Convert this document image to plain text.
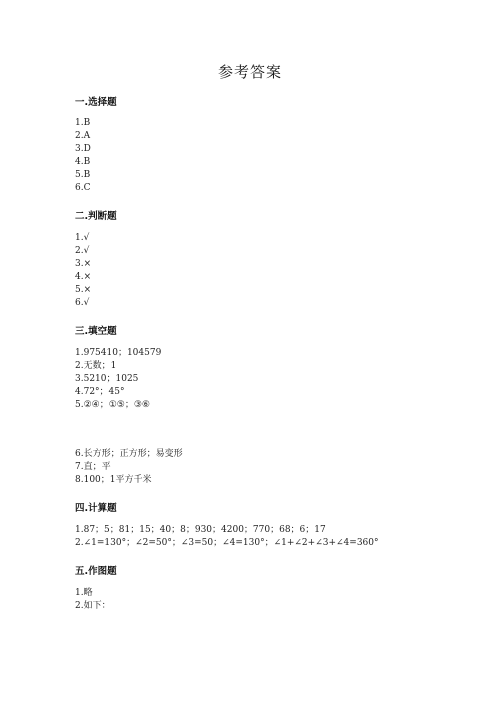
参考答案
一.选择题
1.B
2.A
3.D
4.B
5.B
6.C
二.判断题
1.√
2.√
3.×
4.×
5.×
6.√
三.填空题
1.975410；104579
2.无数；1
3.5210；1025
4.72°；45°
5.②④；①⑤；③⑥
6.长方形；正方形；易变形
7.直；平
8.100；1平方千米
四.计算题
1.87；5；81；15；40；8；930；4200；770；68；6；17
2.∠1=130°；∠2=50°；∠3=50；∠4=130°；∠1+∠2+∠3+∠4=360°
五.作图题
1.略
2.如下：
